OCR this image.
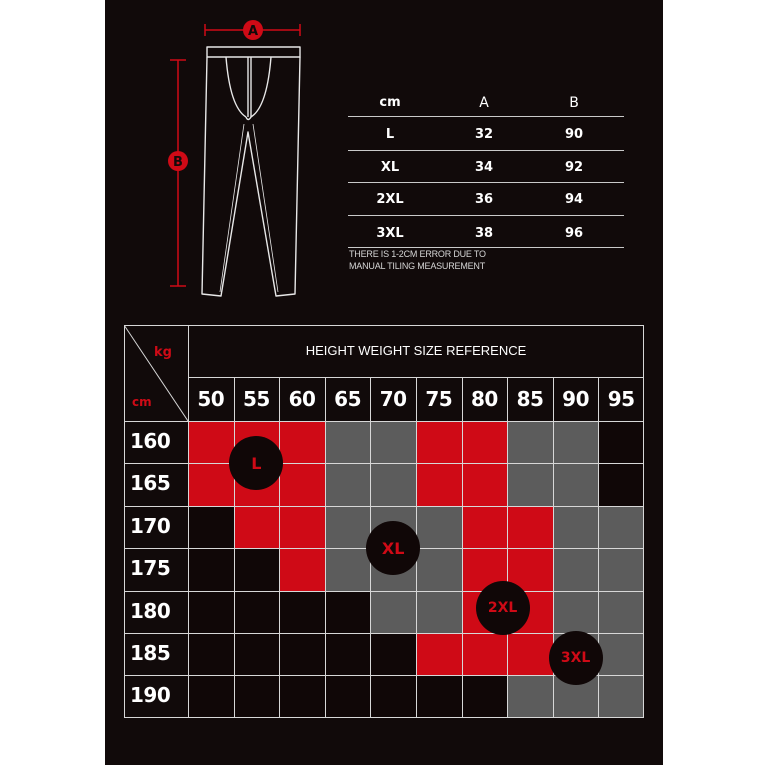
A
B
cm	A	B
L	32	90
XL	34	92
2XL	36	94
3XL	38	96
THERE IS 1-2CM ERROR DUE TO
MANUAL TILING MEASUREMENT
kg
cm
HEIGHT WEIGHT SIZE REFERENCE
50 55 60 65 70 75 80 85 90 95
160
165
170
175
180
185
190
L
XL
2XL
3XL
